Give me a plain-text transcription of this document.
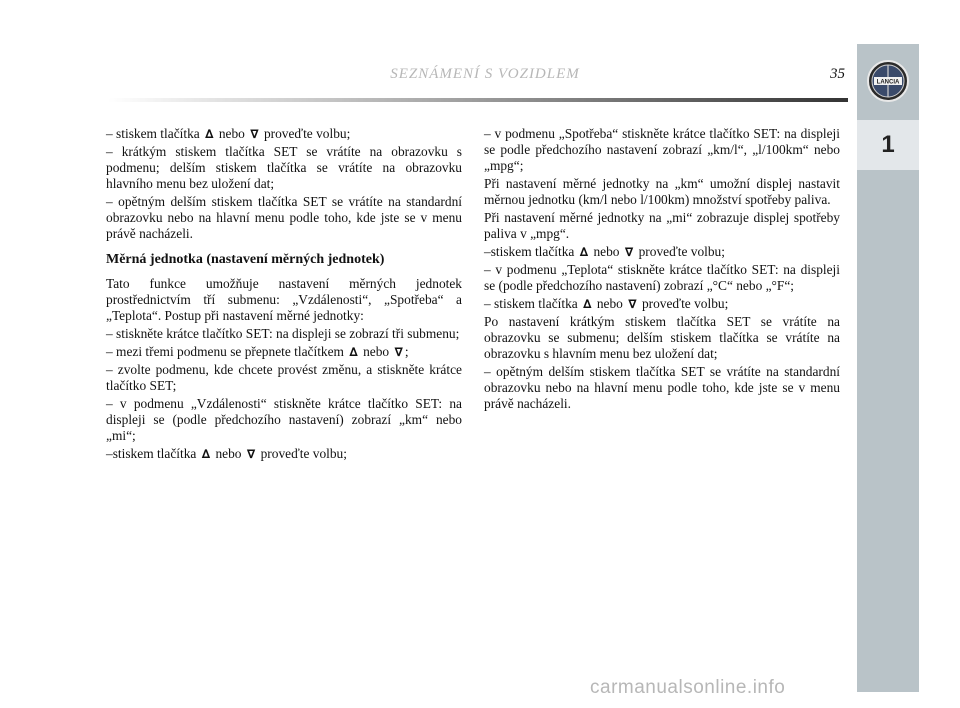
SEZNÁMENÍ S VOZIDLEM	35
LANCIA
1

– stiskem tlačítka ∆ nebo ∇ proveďte volbu;

– krátkým stiskem tlačítka SET se vrátíte na obrazovku s podmenu; delším stiskem tlačítka se vrátíte na obrazovku hlavního menu bez uložení dat;

– opětným delším stiskem tlačítka SET se vrátíte na standardní obrazovku nebo na hlavní menu podle toho, kde jste se v menu právě nacházeli.

Měrná jednotka (nastavení měrných jednotek)

Tato funkce umožňuje nastavení měrných jednotek prostřednictvím tří submenu: „Vzdálenosti“, „Spotřeba“ a „Teplota“. Postup při nastavení měrné jednotky:

– stiskněte krátce tlačítko SET: na displeji se zobrazí tři submenu;

– mezi třemi podmenu se přepnete tlačítkem ∆ nebo ∇ ;

– zvolte podmenu, kde chcete provést změnu, a stiskněte krátce tlačítko SET;

– v podmenu „Vzdálenosti“ stiskněte krátce tlačítko SET: na displeji se (podle předchozího nastavení) zobrazí „km“ nebo „mi“;

–stiskem tlačítka ∆ nebo ∇ proveďte volbu;

– v podmenu „Spotřeba“ stiskněte krátce tlačítko SET: na displeji se podle předchozího nastavení zobrazí „km/l“, „l/100km“ nebo „mpg“;

Při nastavení měrné jednotky na „km“ umožní displej nastavit měrnou jednotku (km/l nebo l/100km) množství spotřeby paliva.

Při nastavení měrné jednotky na „mi“ zobrazuje displej spotřeby paliva v „mpg“.

–stiskem tlačítka ∆ nebo ∇ proveďte volbu;

– v podmenu „Teplota“ stiskněte krátce tlačítko SET: na displeji se (podle předchozího nastavení) zobrazí „°C“ nebo „°F“;

– stiskem tlačítka ∆ nebo ∇ proveďte volbu;

Po nastavení krátkým stiskem tlačítka SET se vrátíte na obrazovku se submenu; delším stiskem tlačítka se vrátíte na obrazovku s hlavním menu bez uložení dat;

– opětným delším stiskem tlačítka SET se vrátíte na standardní obrazovku nebo na hlavní menu podle toho, kde jste se v menu právě nacházeli.

carmanualsonline.info
